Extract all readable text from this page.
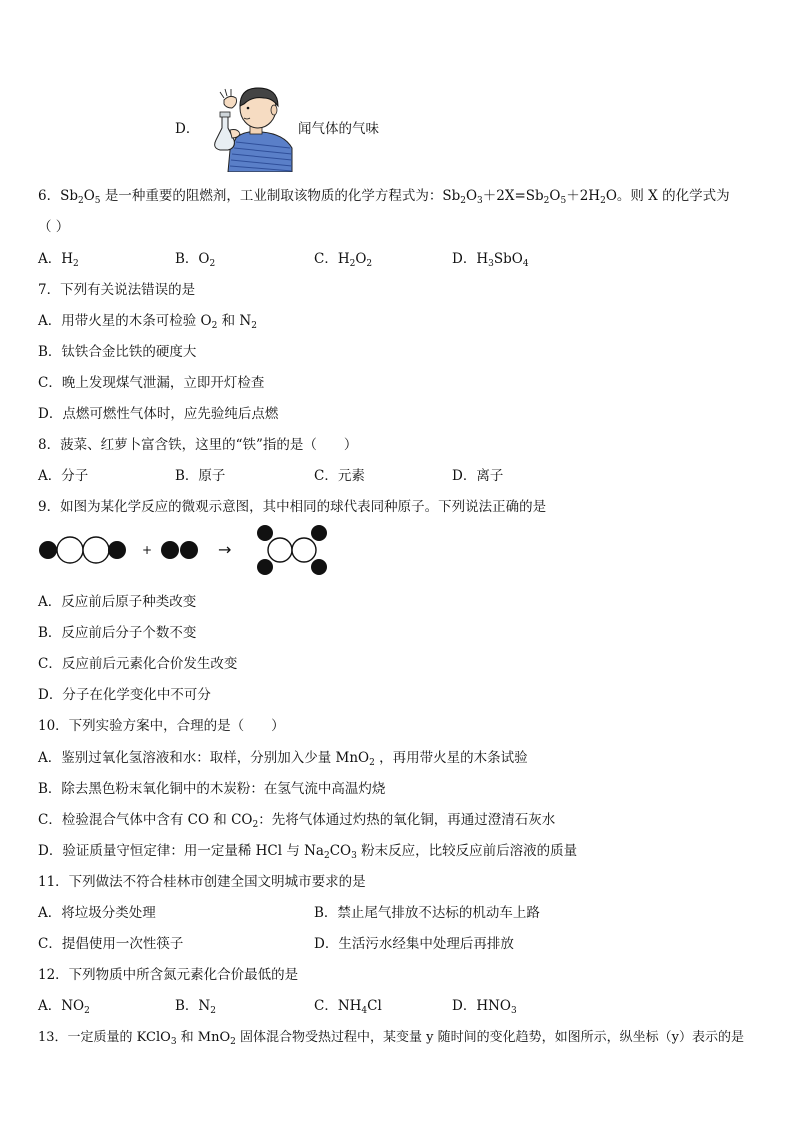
D．	闻气体的气味
6．$Sb_2O_5$ 是一种重要的阻燃剂，工业制取该物质的化学方程式为：$Sb_2O_3+2X=Sb_2O_5+2H_2O$。则 X 的化学式为
（ ）
A．$H_2$	B．$O_2$	C．$H_2O_2$	D．$H_3SbO_4$
7．下列有关说法错误的是
A．用带火星的木条可检验 $O_2$ 和 $N_2$
B．钛铁合金比铁的硬度大
C．晚上发现煤气泄漏，立即开灯检查
D．点燃可燃性气体时，应先验纯后点燃
8．菠菜、红萝卜富含铁，这里的“铁”指的是（　　）
A．分子	B．原子	C．元素	D．离子
9．如图为某化学反应的微观示意图，其中相同的球代表同种原子。下列说法正确的是
+	→
A．反应前后原子种类改变
B．反应前后分子个数不变
C．反应前后元素化合价发生改变
D．分子在化学变化中不可分
10．下列实验方案中，合理的是（　　）
A．鉴别过氧化氢溶液和水：取样，分别加入少量 MnO$_2$ ，再用带火星的木条试验
B．除去黑色粉末氧化铜中的木炭粉：在氢气流中高温灼烧
C．检验混合气体中含有 CO 和 $CO_2$：先将气体通过灼热的氧化铜，再通过澄清石灰水
D．验证质量守恒定律：用一定量稀 HCl 与 $Na_2CO_3$ 粉末反应，比较反应前后溶液的质量
11．下列做法不符合桂林市创建全国文明城市要求的是
A．将垃圾分类处理	B．禁止尾气排放不达标的机动车上路
C．提倡使用一次性筷子	D．生活污水经集中处理后再排放
12．下列物质中所含氮元素化合价最低的是
A．$NO_2$	B．$N_2$	C．$NH_4Cl$	D．$HNO_3$
13．一定质量的 KClO$_3$ 和 MnO$_2$ 固体混合物受热过程中，某变量 y 随时间的变化趋势，如图所示，纵坐标（y）表示的是
